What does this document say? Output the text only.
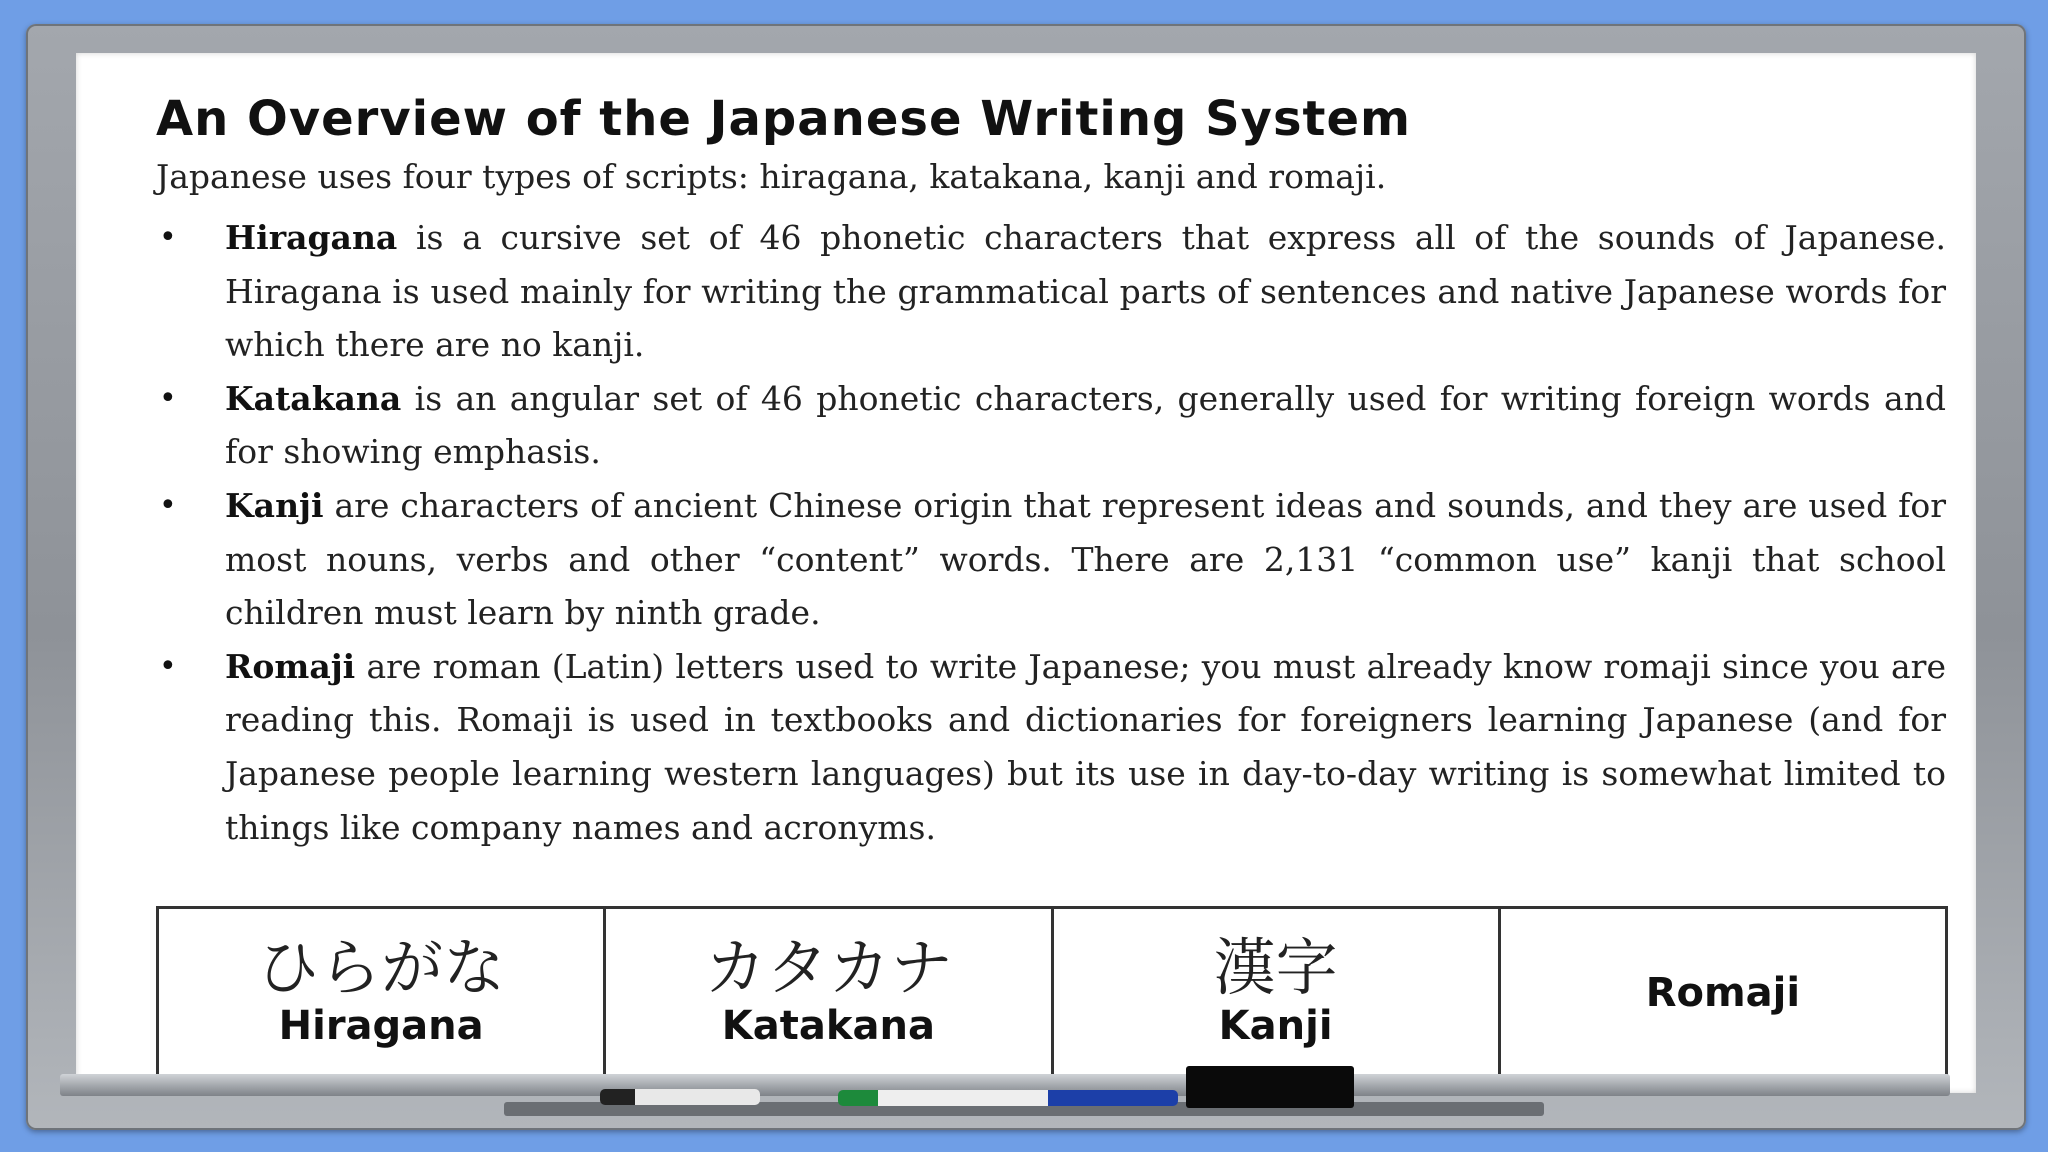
An Overview of the Japanese Writing System

Japanese uses four types of scripts: hiragana, katakana, kanji and romaji.

• Hiragana is a cursive set of 46 phonetic characters that express all of the sounds of Japanese. Hiragana is used mainly for writing the grammatical parts of sentences and native Japanese words for which there are no kanji.
• Katakana is an angular set of 46 phonetic characters, generally used for writing foreign words and for showing emphasis.
• Kanji are characters of ancient Chinese origin that represent ideas and sounds, and they are used for most nouns, verbs and other “content” words. There are 2,131 “common use” kanji that school children must learn by ninth grade.
• Romaji are roman (Latin) letters used to write Japanese; you must already know romaji since you are reading this. Romaji is used in textbooks and dictionaries for foreigners learning Japanese (and for Japanese people learning western languages) but its use in day-to-day writing is somewhat limited to things like company names and acronyms.
ひらがな
Hiragana
カタカナ
Katakana
漢字
Kanji
Romaji
